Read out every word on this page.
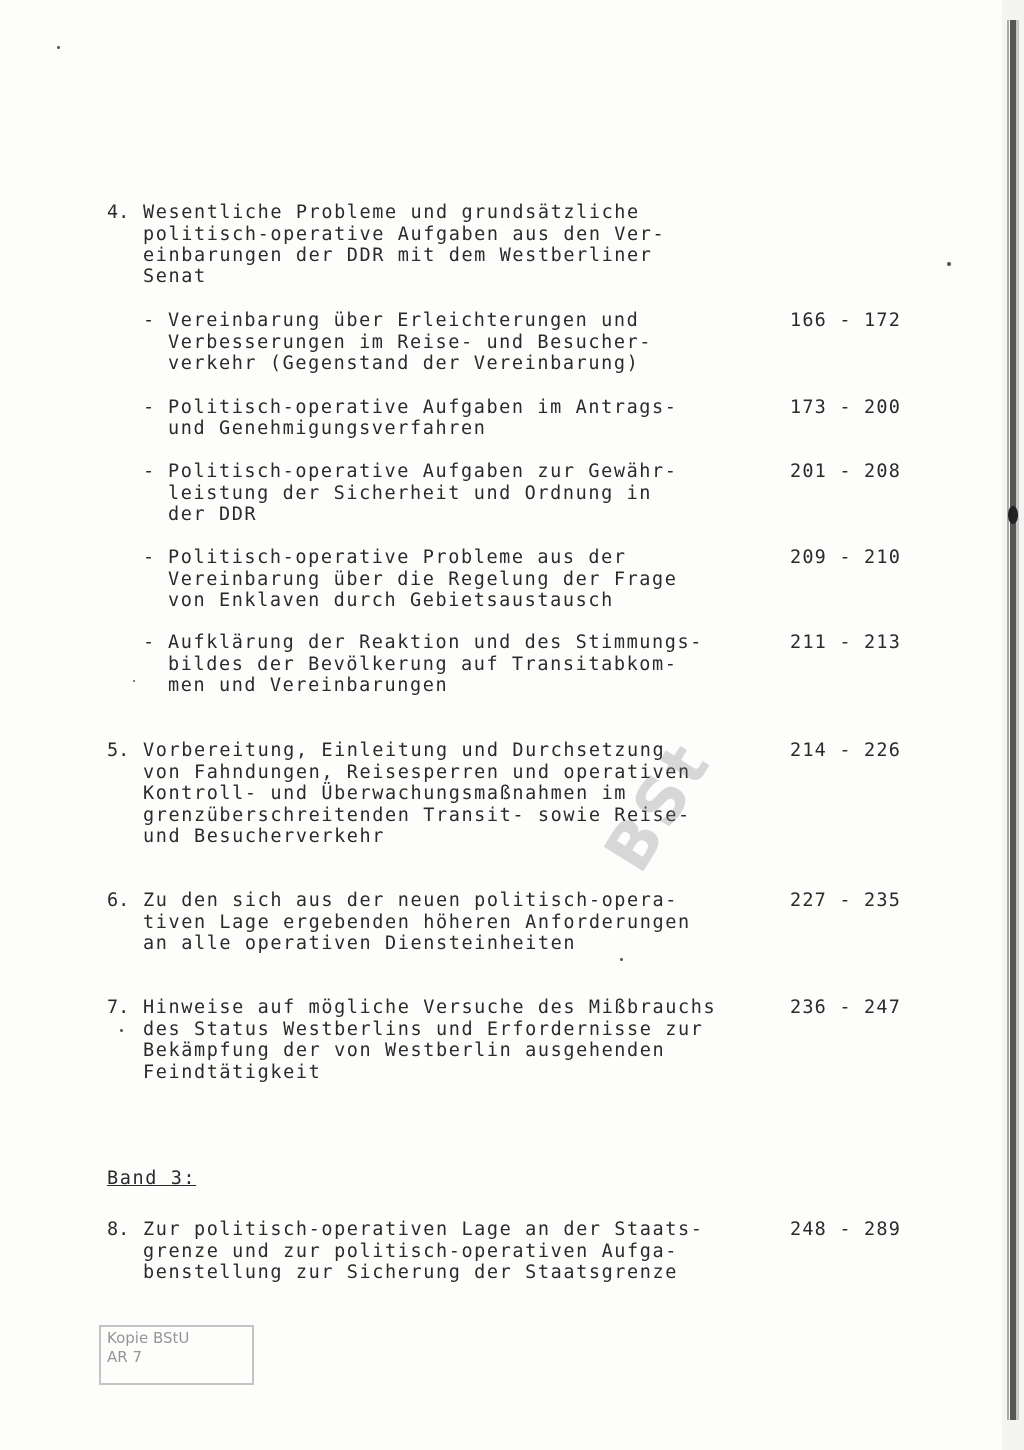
4. Wesentliche Probleme und grundsätzliche
politisch-operative Aufgaben aus den Ver-
einbarungen der DDR mit dem Westberliner
Senat
- Vereinbarung über Erleichterungen und
Verbesserungen im Reise- und Besucher-
verkehr (Gegenstand der Vereinbarung)
166 - 172
- Politisch-operative Aufgaben im Antrags-
und Genehmigungsverfahren
173 - 200
- Politisch-operative Aufgaben zur Gewähr-
leistung der Sicherheit und Ordnung in
der DDR
201 - 208
- Politisch-operative Probleme aus der
Vereinbarung über die Regelung der Frage
von Enklaven durch Gebietsaustausch
209 - 210
- Aufklärung der Reaktion und des Stimmungs-
bildes der Bevölkerung auf Transitabkom-
men und Vereinbarungen
211 - 213
5. Vorbereitung, Einleitung und Durchsetzung
von Fahndungen, Reisesperren und operativen
Kontroll- und Überwachungsmaßnahmen im
grenzüberschreitenden Transit- sowie Reise-
und Besucherverkehr
214 - 226
6. Zu den sich aus der neuen politisch-opera-
tiven Lage ergebenden höheren Anforderungen
an alle operativen Diensteinheiten
227 - 235
7. Hinweise auf mögliche Versuche des Mißbrauchs
des Status Westberlins und Erfordernisse zur
Bekämpfung der von Westberlin ausgehenden
Feindtätigkeit
236 - 247
Band 3:
8. Zur politisch-operativen Lage an der Staats-
grenze und zur politisch-operativen Aufga-
benstellung zur Sicherung der Staatsgrenze
248 - 289
BSt
Kopie BStU
AR 7
